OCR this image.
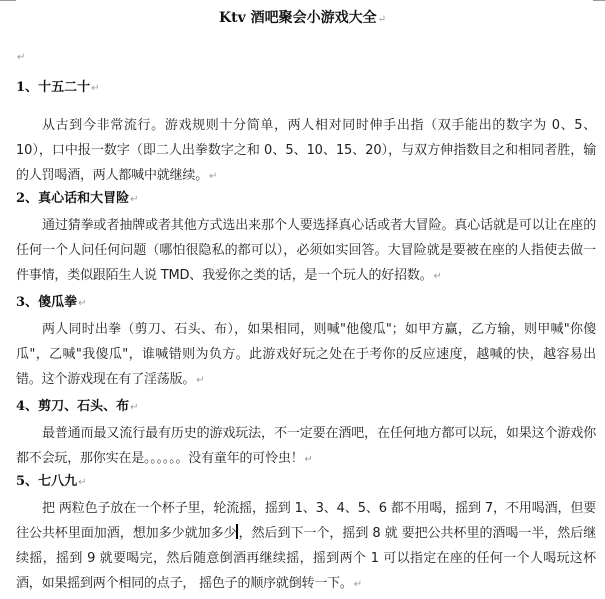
Ktv 酒吧聚会小游戏大全↵
↵
1、十五二十↵
从古到今非常流行。游戏规则十分简单，两人相对同时伸手出指（双手能出的数字为 0、5、10），口中报一数字（即二人出拳数字之和 0、5、10、15、20），与双方伸指数目之和相同者胜，输的人罚喝酒，两人都喊中就继续。↵
2、真心话和大冒险↵
通过猜拳或者抽牌或者其他方式选出来那个人要选择真心话或者大冒险。真心话就是可以让在座的任何一个人问任何问题（哪怕很隐私的都可以），必须如实回答。大冒险就是要被在座的人指使去做一件事情，类似跟陌生人说 TMD、我爱你之类的话，是一个玩人的好招数。↵
3、傻瓜拳↵
两人同时出拳（剪刀、石头、布），如果相同，则喊"他傻瓜"；如甲方赢，乙方输，则甲喊"你傻瓜"，乙喊"我傻瓜"，谁喊错则为负方。此游戏好玩之处在于考你的反应速度，越喊的快，越容易出错。这个游戏现在有了淫荡版。↵
4、剪刀、石头、布↵
最普通而最又流行最有历史的游戏玩法，不一定要在酒吧，在任何地方都可以玩，如果这个游戏你都不会玩，那你实在是。。。。。。没有童年的可怜虫！↵
5、七八九↵
把 两粒色子放在一个杯子里，轮流摇，摇到 1、3、4、5、6 都不用喝，摇到 7，不用喝酒，但要往公共杯里面加酒，想加多少就加多少 ，然后到下一个，摇到 8 就 要把公共杯里的酒喝一半，然后继续摇，摇到 9 就要喝完，然后随意倒酒再继续摇，摇到两个 1 可以指定在座的任何一个人喝玩这杯酒，如果摇到两个相同的点子， 摇色子的顺序就倒转一下。↵
